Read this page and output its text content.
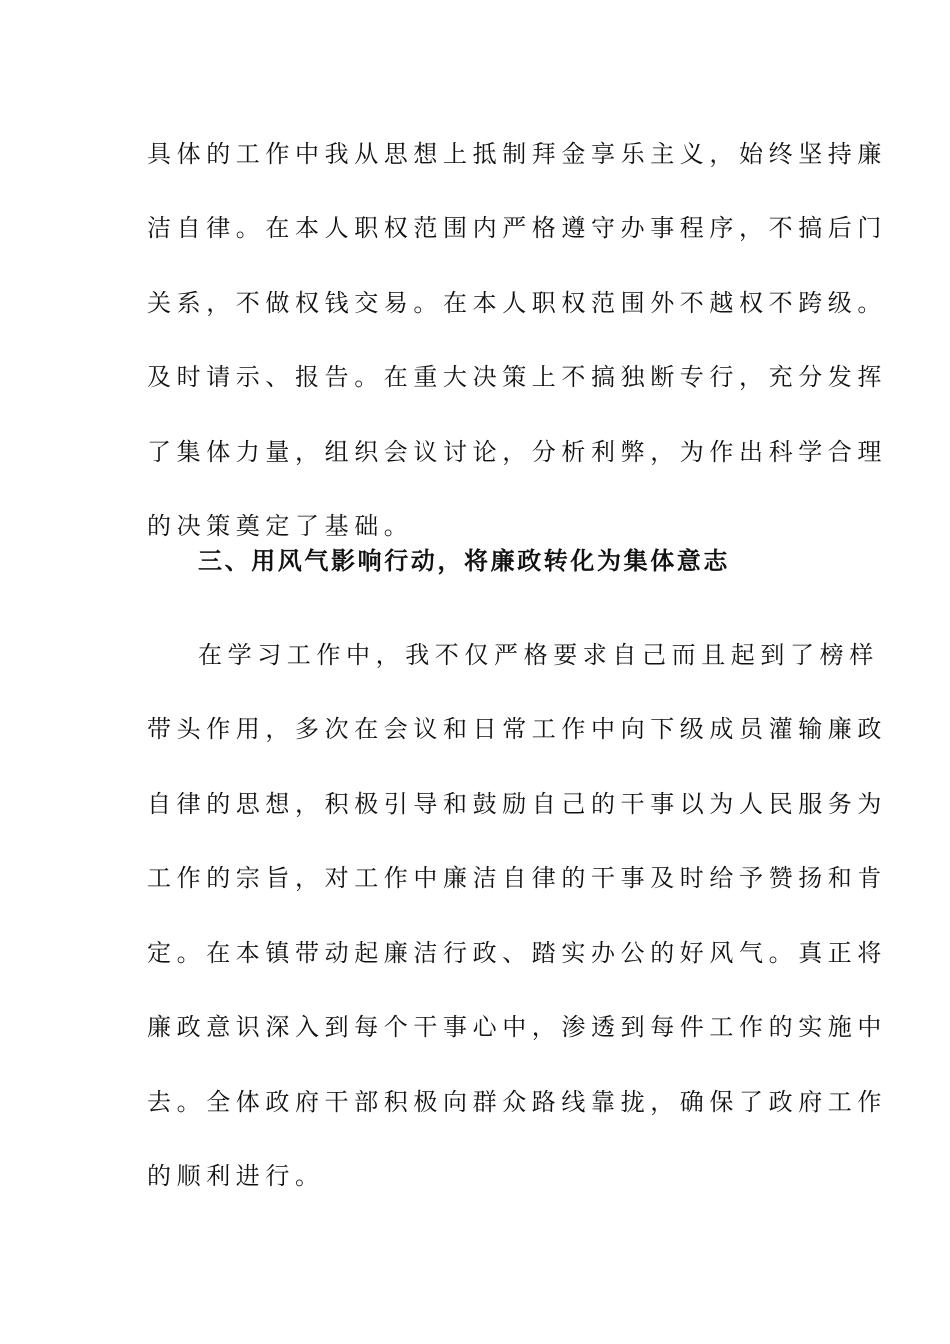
具体的工作中我从思想上抵制拜金享乐主义，始终坚持廉
洁自律。在本人职权范围内严格遵守办事程序，不搞后门
关系，不做权钱交易。在本人职权范围外不越权不跨级。
及时请示、报告。在重大决策上不搞独断专行，充分发挥
了集体力量，组织会议讨论，分析利弊，为作出科学合理
的决策奠定了基础。
三、用风气影响行动，将廉政转化为集体意志
在学习工作中，我不仅严格要求自己而且起到了榜样
带头作用，多次在会议和日常工作中向下级成员灌输廉政
自律的思想，积极引导和鼓励自己的干事以为人民服务为
工作的宗旨，对工作中廉洁自律的干事及时给予赞扬和肯
定。在本镇带动起廉洁行政、踏实办公的好风气。真正将
廉政意识深入到每个干事心中，渗透到每件工作的实施中
去。全体政府干部积极向群众路线靠拢，确保了政府工作
的顺利进行。
